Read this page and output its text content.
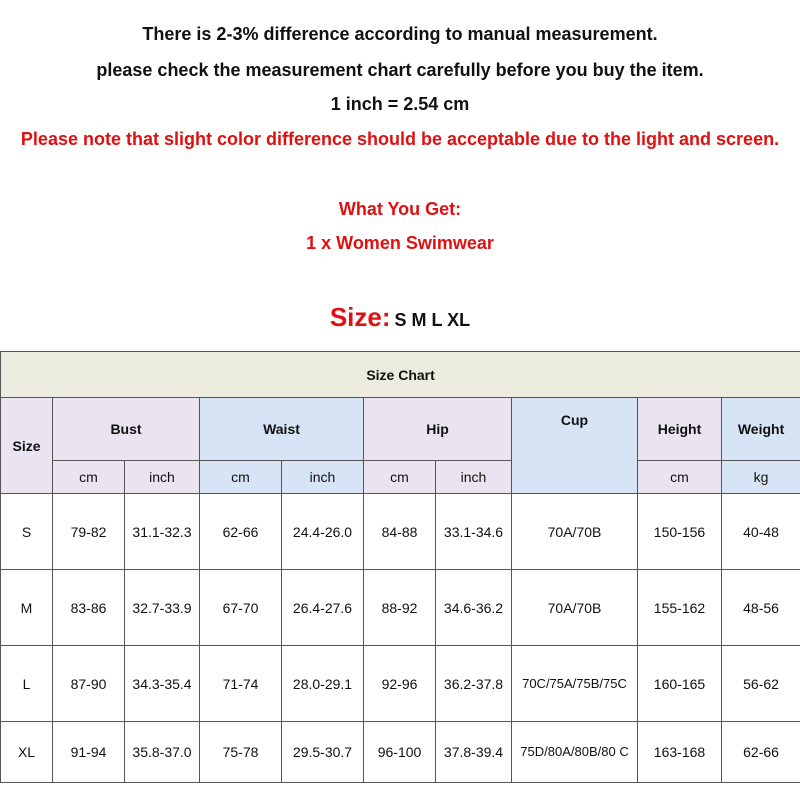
There is 2-3% difference according to manual measurement.
please check the measurement chart carefully before you buy the item.
1 inch = 2.54 cm
Please note that slight color difference should be acceptable due to the light and screen.
What You Get:
1 x Women Swimwear
Size: S M L XL
Size Chart									
Size	Bust		Waist		Hip		Cup	Height	Weight
	cm	inch	cm	inch	cm	inch		cm	kg
S	79-82	31.1-32.3	62-66	24.4-26.0	84-88	33.1-34.6	70A/70B	150-156	40-48
M	83-86	32.7-33.9	67-70	26.4-27.6	88-92	34.6-36.2	70A/70B	155-162	48-56
L	87-90	34.3-35.4	71-74	28.0-29.1	92-96	36.2-37.8	70C/75A/75B/75C	160-165	56-62
XL	91-94	35.8-37.0	75-78	29.5-30.7	96-100	37.8-39.4	75D/80A/80B/80 C	163-168	62-66
